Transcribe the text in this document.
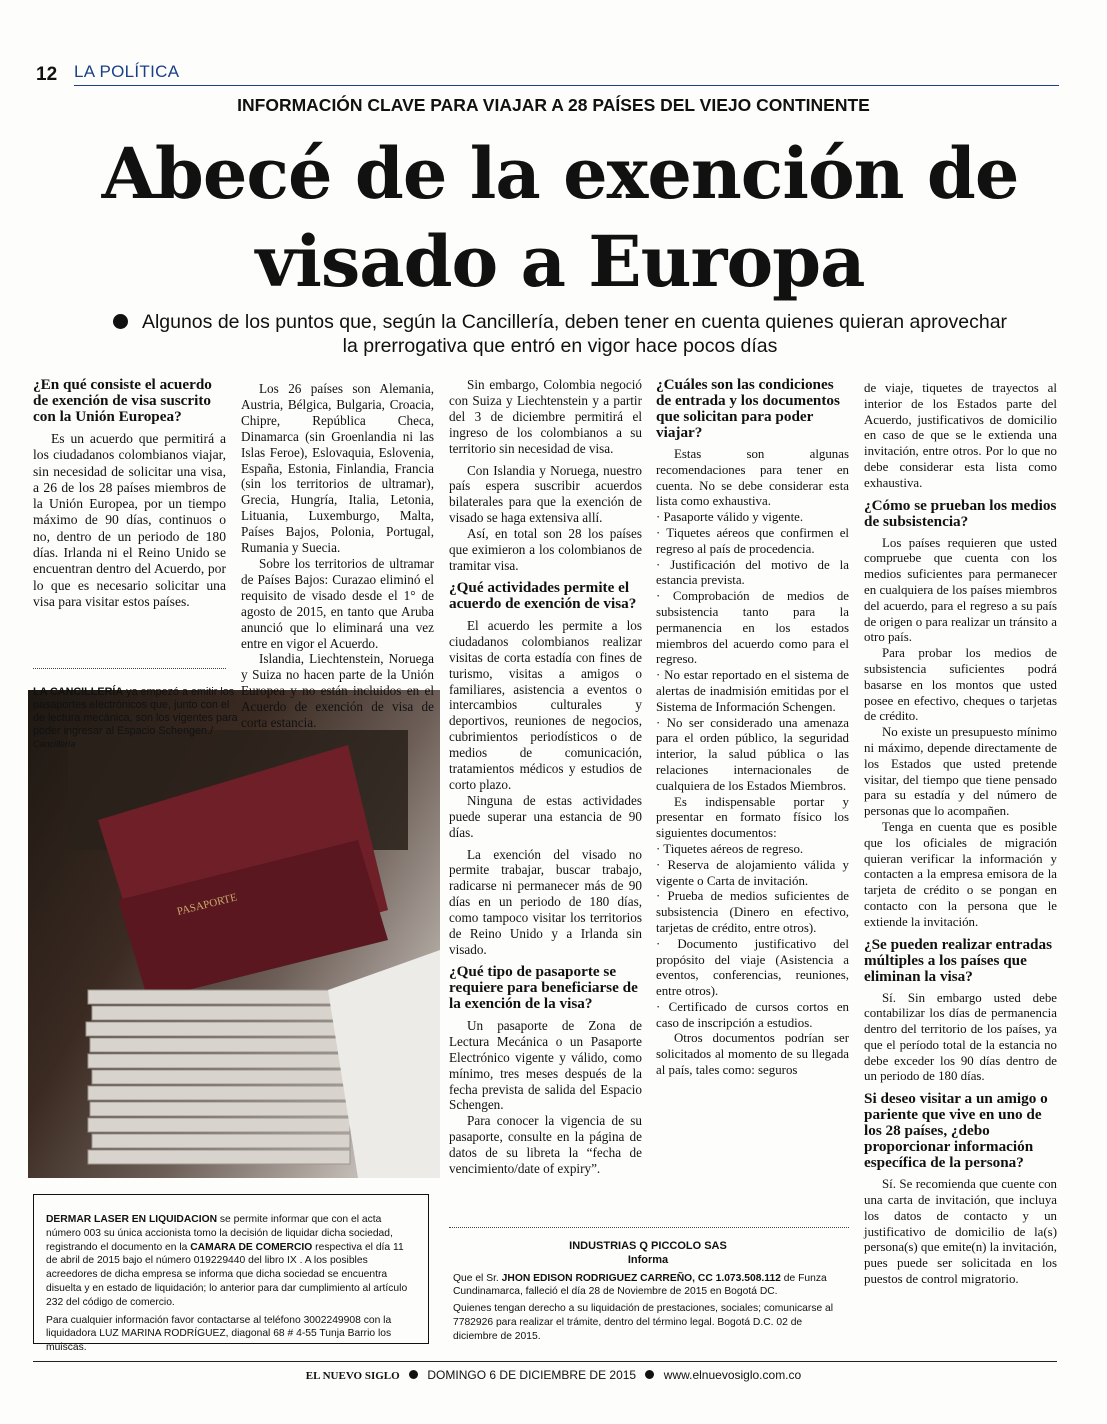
12 LA POLÍTICA
INFORMACIÓN CLAVE PARA VIAJAR A 28 PAÍSES DEL VIEJO CONTINENTE
Abecé de la exención de
visado a Europa
Algunos de los puntos que, según la Cancillería, deben tener en cuenta quienes quieran aprovechar
la prerrogativa que entró en vigor hace pocos días
¿En qué consiste el acuerdo de exención de visa suscrito con la Unión Europea?

Es un acuerdo que permitirá a los ciudadanos colombianos viajar, sin necesidad de solicitar una visa, a 26 de los 28 países miembros de la Unión Europea, por un tiempo máximo de 90 días, continuos o no, dentro de un periodo de 180 días. Irlanda ni el Reino Unido se encuentran dentro del Acuerdo, por lo que es necesario solicitar una visa para visitar estos países.

PASAPORTE
LA CANCILLERÍA ya empezó a emitir los pasaportes electrónicos que, junto con el de lectura mecánica, son los vigentes para poder ingresar al Espacio Schengen./
Cancillería

Los 26 países son Alemania, Austria, Bélgica, Bulgaria, Croacia, Chipre, República Checa, Dinamarca (sin Groenlandia ni las Islas Feroe), Eslovaquia, Eslovenia, España, Estonia, Finlandia, Francia (sin los territorios de ultramar), Grecia, Hungría, Italia, Letonia, Lituania, Luxemburgo, Malta, Países Bajos, Polonia, Portugal, Rumania y Suecia.

Sobre los territorios de ultramar de Países Bajos: Curazao eliminó el requisito de visado desde el 1° de agosto de 2015, en tanto que Aruba anunció que lo eliminará una vez entre en vigor el Acuerdo.

Islandia, Liechtenstein, Noruega y Suiza no hacen parte de la Unión Europea y no están incluidos en el Acuerdo de exención de visa de corta estancia.

Sin embargo, Colombia negoció con Suiza y Liechtenstein y a partir del 3 de diciembre permitirá el ingreso de los colombianos a su territorio sin necesidad de visa.

Con Islandia y Noruega, nuestro país espera suscribir acuerdos bilaterales para que la exención de visado se haga extensiva allí.

Así, en total son 28 los países que eximieron a los colombianos de tramitar visa.

¿Qué actividades permite el acuerdo de exención de visa?

El acuerdo les permite a los ciudadanos colombianos realizar visitas de corta estadía con fines de turismo, visitas a amigos o familiares, asistencia a eventos o intercambios culturales y deportivos, reuniones de negocios, cubrimientos periodísticos o de medios de comunicación, tratamientos médicos y estudios de corto plazo.

Ninguna de estas actividades puede superar una estancia de 90 días.

La exención del visado no permite trabajar, buscar trabajo, radicarse ni permanecer más de 90 días en un periodo de 180 días, como tampoco visitar los territorios de Reino Unido y a Irlanda sin visado.

¿Qué tipo de pasaporte se requiere para beneficiarse de la exención de la visa?

Un pasaporte de Zona de Lectura Mecánica o un Pasaporte Electrónico vigente y válido, como mínimo, tres meses después de la fecha prevista de salida del Espacio Schengen.

Para conocer la vigencia de su pasaporte, consulte en la página de datos de su libreta la “fecha de vencimiento/date of expiry”.

¿Cuáles son las condiciones de entrada y los documentos que solicitan para poder viajar?

Estas son algunas recomendaciones para tener en cuenta. No se debe considerar esta lista como exhaustiva.

· Pasaporte válido y vigente.

· Tiquetes aéreos que confirmen el regreso al país de procedencia.

· Justificación del motivo de la estancia prevista.

· Comprobación de medios de subsistencia tanto para la permanencia en los estados miembros del acuerdo como para el regreso.

· No estar reportado en el sistema de alertas de inadmisión emitidas por el Sistema de Información Schengen.

· No ser considerado una amenaza para el orden público, la seguridad interior, la salud pública o las relaciones internacionales de cualquiera de los Estados Miembros.

Es indispensable portar y presentar en formato físico los siguientes documentos:

· Tiquetes aéreos de regreso.

· Reserva de alojamiento válida y vigente o Carta de invitación.

· Prueba de medios suficientes de subsistencia (Dinero en efectivo, tarjetas de crédito, entre otros).

· Documento justificativo del propósito del viaje (Asistencia a eventos, conferencias, reuniones, entre otros).

· Certificado de cursos cortos en caso de inscripción a estudios.

Otros documentos podrían ser solicitados al momento de su llegada al país, tales como: seguros

de viaje, tiquetes de trayectos al interior de los Estados parte del Acuerdo, justificativos de domicilio en caso de que se le extienda una invitación, entre otros. Por lo que no debe considerar esta lista como exhaustiva.

¿Cómo se prueban los medios de subsistencia?

Los países requieren que usted compruebe que cuenta con los medios suficientes para permanecer en cualquiera de los países miembros del acuerdo, para el regreso a su país de origen o para realizar un tránsito a otro país.

Para probar los medios de subsistencia suficientes podrá basarse en los montos que usted posee en efectivo, cheques o tarjetas de crédito.

No existe un presupuesto mínimo ni máximo, depende directamente de los Estados que usted pretende visitar, del tiempo que tiene pensado para su estadía y del número de personas que lo acompañen.

Tenga en cuenta que es posible que los oficiales de migración quieran verificar la información y contacten a la empresa emisora de la tarjeta de crédito o se pongan en contacto con la persona que le extiende la invitación.

¿Se pueden realizar entradas múltiples a los países que eliminan la visa?

Sí. Sin embargo usted debe contabilizar los días de permanencia dentro del territorio de los países, ya que el período total de la estancia no debe exceder los 90 días dentro de un periodo de 180 días.

Si deseo visitar a un amigo o pariente que vive en uno de los 28 países, ¿debo proporcionar información específica de la persona?

Sí. Se recomienda que cuente con una carta de invitación, que incluya los datos de contacto y un justificativo de domicilio de la(s) persona(s) que emite(n) la invitación, pues puede ser solicitada en los puestos de control migratorio.

DERMAR LASER EN LIQUIDACION se permite informar que con el acta número 003 su única accionista tomo la decisión de liquidar dicha sociedad, registrando el documento en la CAMARA DE COMERCIO respectiva el día 11 de abril de 2015 bajo el número 019229440 del libro IX . A los posibles acreedores de dicha empresa se informa que dicha sociedad se encuentra disuelta y en estado de liquidación; lo anterior para dar cumplimiento al artículo 232 del código de comercio.
Para cualquier información favor contactarse al teléfono 3002249908 con la liquidadora LUZ MARINA RODRÍGUEZ, diagonal 68 # 4-55 Tunja Barrio los muiscas.
INDUSTRIAS Q PICCOLO SAS
Informa
Que el Sr. JHON EDISON RODRIGUEZ CARREÑO, CC 1.073.508.112 de Funza Cundinamarca, falleció el día 28 de Noviembre de 2015 en Bogotá DC.
Quienes tengan derecho a su liquidación de prestaciones, sociales; comunicarse al 7782926 para realizar el trámite, dentro del término legal. Bogotá D.C. 02 de diciembre de 2015.
EL NUEVO SIGLO DOMINGO 6 DE DICIEMBRE DE 2015 www.elnuevosiglo.com.co
